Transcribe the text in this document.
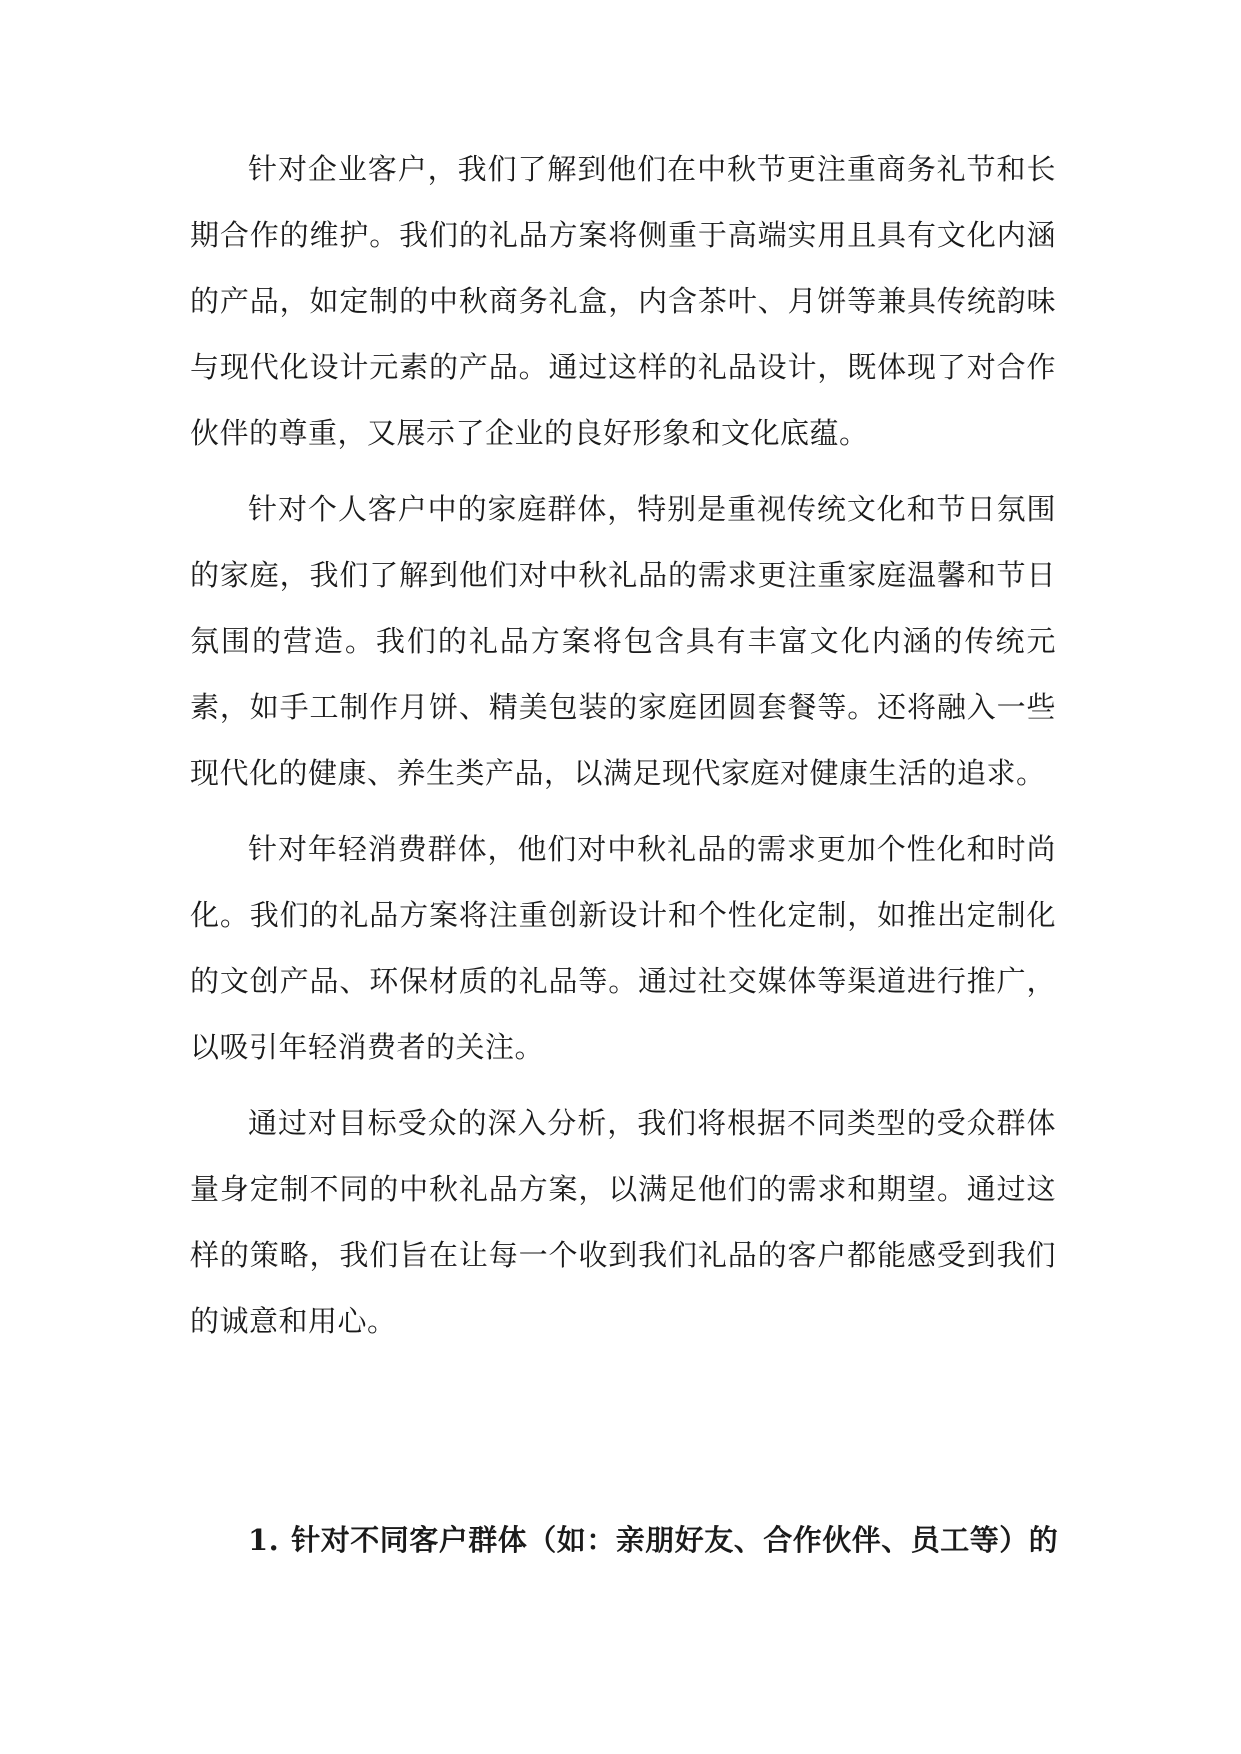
针对企业客户，我们了解到他们在中秋节更注重商务礼节和长期合作的维护。我们的礼品方案将侧重于高端实用且具有文化内涵的产品，如定制的中秋商务礼盒，内含茶叶、月饼等兼具传统韵味与现代化设计元素的产品。通过这样的礼品设计，既体现了对合作伙伴的尊重，又展示了企业的良好形象和文化底蕴。

针对个人客户中的家庭群体，特别是重视传统文化和节日氛围的家庭，我们了解到他们对中秋礼品的需求更注重家庭温馨和节日氛围的营造。我们的礼品方案将包含具有丰富文化内涵的传统元素，如手工制作月饼、精美包装的家庭团圆套餐等。还将融入一些现代化的健康、养生类产品，以满足现代家庭对健康生活的追求。

针对年轻消费群体，他们对中秋礼品的需求更加个性化和时尚化。我们的礼品方案将注重创新设计和个性化定制，如推出定制化的文创产品、环保材质的礼品等。通过社交媒体等渠道进行推广，以吸引年轻消费者的关注。

通过对目标受众的深入分析，我们将根据不同类型的受众群体量身定制不同的中秋礼品方案，以满足他们的需求和期望。通过这样的策略，我们旨在让每一个收到我们礼品的客户都能感受到我们的诚意和用心。

1. 针对不同客户群体（如：亲朋好友、合作伙伴、员工等）的
